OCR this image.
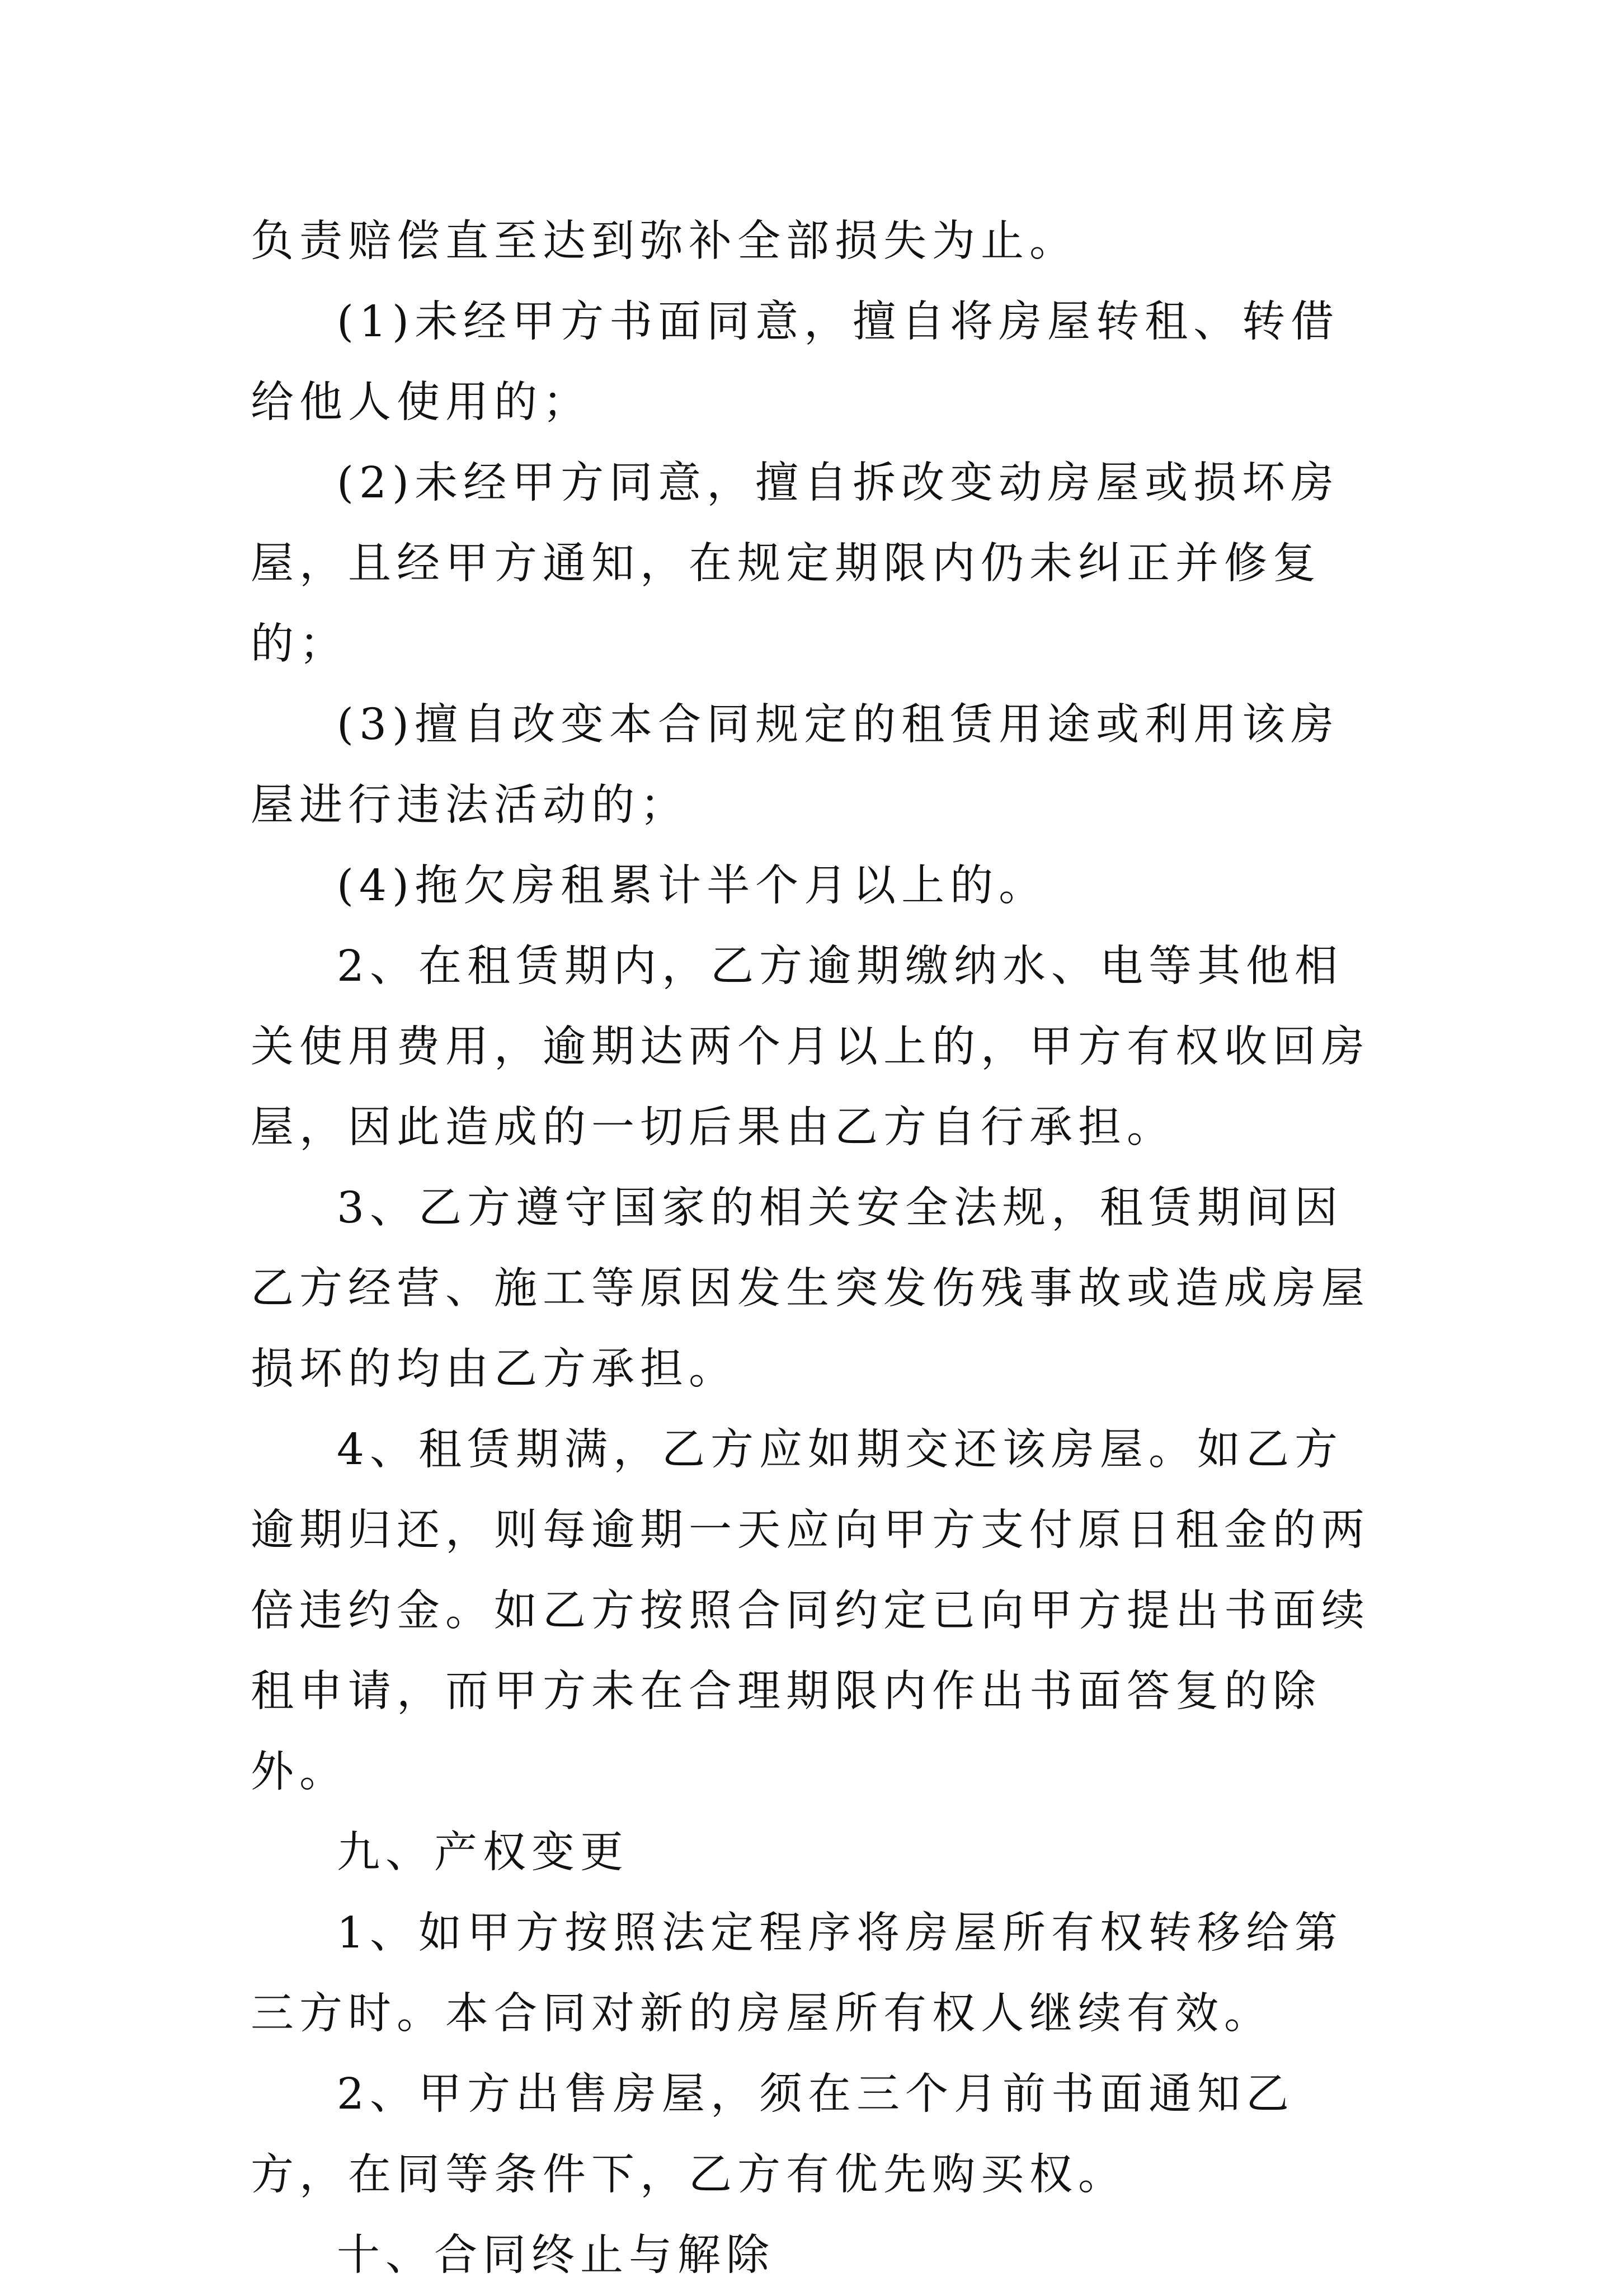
负责赔偿直至达到弥补全部损失为止。

(1)未经甲方书面同意，擅自将房屋转租、转借给他人使用的；

(2)未经甲方同意，擅自拆改变动房屋或损坏房屋，且经甲方通知，在规定期限内仍未纠正并修复的；

(3)擅自改变本合同规定的租赁用途或利用该房屋进行违法活动的；

(4)拖欠房租累计半个月以上的。

2、在租赁期内，乙方逾期缴纳水、电等其他相关使用费用，逾期达两个月以上的，甲方有权收回房屋，因此造成的一切后果由乙方自行承担。

3、乙方遵守国家的相关安全法规，租赁期间因乙方经营、施工等原因发生突发伤残事故或造成房屋损坏的均由乙方承担。

4、租赁期满，乙方应如期交还该房屋。如乙方逾期归还，则每逾期一天应向甲方支付原日租金的两倍违约金。如乙方按照合同约定已向甲方提出书面续租申请，而甲方未在合理期限内作出书面答复的除外。

九、产权变更

1、如甲方按照法定程序将房屋所有权转移给第三方时。本合同对新的房屋所有权人继续有效。

2、甲方出售房屋，须在三个月前书面通知乙方，在同等条件下，乙方有优先购买权。

十、合同终止与解除
